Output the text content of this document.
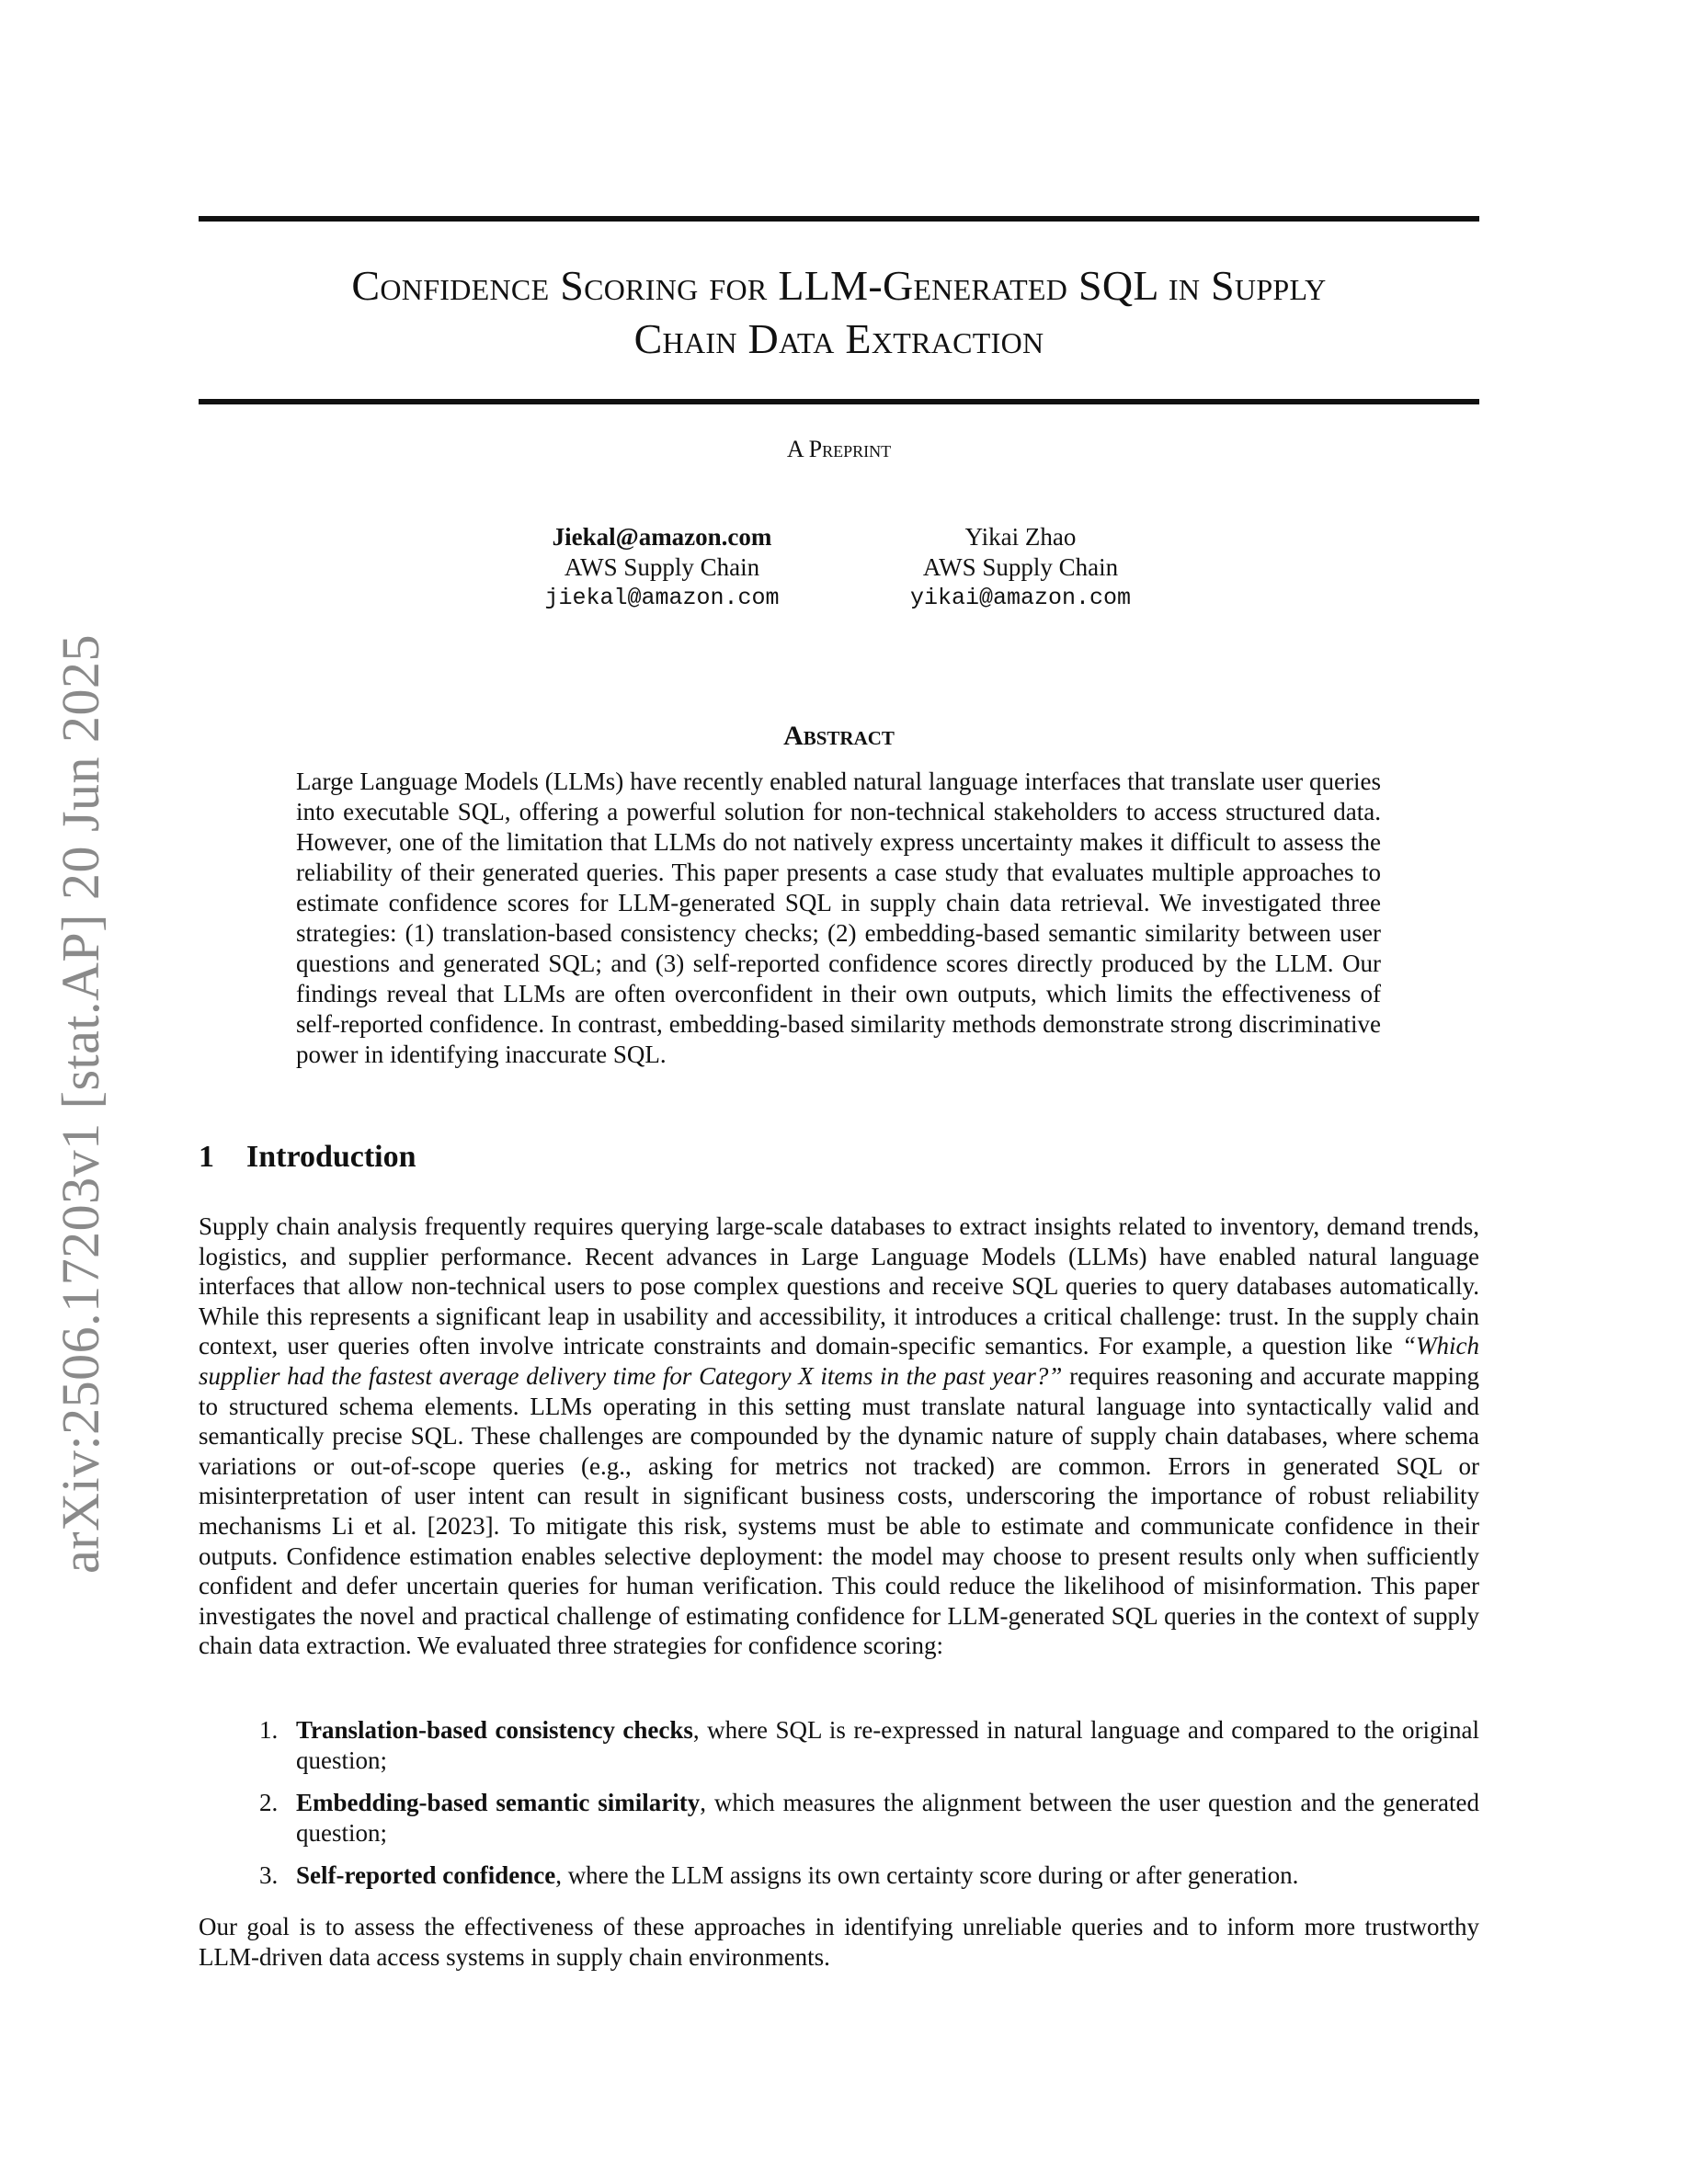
Confidence Scoring for LLM-Generated SQL in Supply
Chain Data Extraction
A Preprint
Jiekal@amazon.com
AWS Supply Chain
jiekal@amazon.com
Yikai Zhao
AWS Supply Chain
yikai@amazon.com
arXiv:2506.17203v1 [stat.AP] 20 Jun 2025	Abstract

Large Language Models (LLMs) have recently enabled natural language interfaces that translate user queries into executable SQL, offering a powerful solution for non-technical stakeholders to access structured data. However, one of the limitation that LLMs do not natively express uncertainty makes it difficult to assess the reliability of their generated queries. This paper presents a case study that evaluates multiple approaches to estimate confidence scores for LLM-generated SQL in supply chain data retrieval. We investigated three strategies: (1) translation-based consistency checks; (2) embedding-based semantic similarity between user questions and generated SQL; and (3) self-reported confidence scores directly produced by the LLM. Our findings reveal that LLMs are often overconfident in their own outputs, which limits the effectiveness of self-reported confidence. In contrast, embedding-based similarity methods demonstrate strong discriminative power in identifying inaccurate SQL.

1 Introduction

Supply chain analysis frequently requires querying large-scale databases to extract insights related to inventory, demand trends, logistics, and supplier performance. Recent advances in Large Language Models (LLMs) have enabled natural language interfaces that allow non-technical users to pose complex questions and receive SQL queries to query databases automatically. While this represents a significant leap in usability and accessibility, it introduces a critical challenge: trust. In the supply chain context, user queries often involve intricate constraints and domain-specific semantics. For example, a question like “Which supplier had the fastest average delivery time for Category X items in the past year?” requires reasoning and accurate mapping to structured schema elements. LLMs operating in this setting must translate natural language into syntactically valid and semantically precise SQL. These challenges are compounded by the dynamic nature of supply chain databases, where schema variations or out-of-scope queries (e.g., asking for metrics not tracked) are common. Errors in generated SQL or misinterpretation of user intent can result in significant business costs, underscoring the importance of robust reliability mechanisms Li et al. [2023]. To mitigate this risk, systems must be able to estimate and communicate confidence in their outputs. Confidence estimation enables selective deployment: the model may choose to present results only when sufficiently confident and defer uncertain queries for human verification. This could reduce the likelihood of misinformation. This paper investigates the novel and practical challenge of estimating confidence for LLM-generated SQL queries in the context of supply chain data extraction. We evaluated three strategies for confidence scoring:

1. Translation-based consistency checks, where SQL is re-expressed in natural language and compared to the original question;
2. Embedding-based semantic similarity, which measures the alignment between the user question and the generated question;
3. Self-reported confidence, where the LLM assigns its own certainty score during or after generation.

Our goal is to assess the effectiveness of these approaches in identifying unreliable queries and to inform more trustworthy LLM-driven data access systems in supply chain environments.
